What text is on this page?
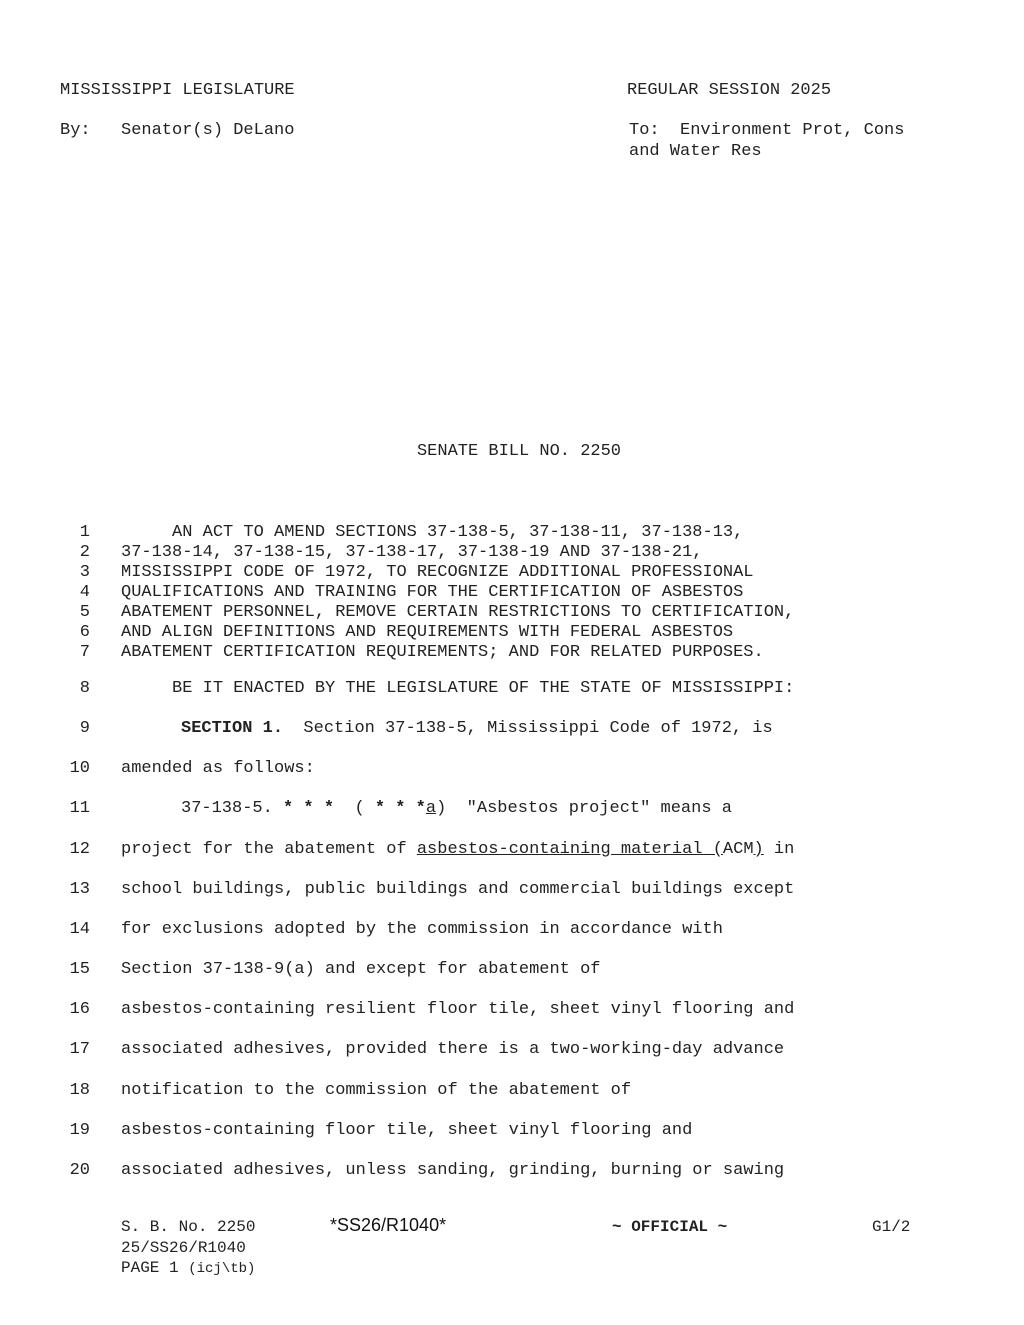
MISSISSIPPI LEGISLATURE	REGULAR SESSION 2025
By: Senator(s) DeLano	To:  Environment Prot, Cons
and Water Res
SENATE BILL NO. 2250
1 AN ACT TO AMEND SECTIONS 37-138-5, 37-138-11, 37-138-13,
2 37-138-14, 37-138-15, 37-138-17, 37-138-19 AND 37-138-21,
3 MISSISSIPPI CODE OF 1972, TO RECOGNIZE ADDITIONAL PROFESSIONAL
4 QUALIFICATIONS AND TRAINING FOR THE CERTIFICATION OF ASBESTOS
5 ABATEMENT PERSONNEL, REMOVE CERTAIN RESTRICTIONS TO CERTIFICATION,
6 AND ALIGN DEFINITIONS AND REQUIREMENTS WITH FEDERAL ASBESTOS
7 ABATEMENT CERTIFICATION REQUIREMENTS; AND FOR RELATED PURPOSES.
8 BE IT ENACTED BY THE LEGISLATURE OF THE STATE OF MISSISSIPPI:
9	SECTION 1.  Section 37-138-5, Mississippi Code of 1972, is
10 amended as follows:
11	37-138-5. * * *  ( * * *a)  "Asbestos project" means a
12 project for the abatement of asbestos-containing material (ACM) in
13 school buildings, public buildings and commercial buildings except
14 for exclusions adopted by the commission in accordance with
15 Section 37-138-9(a) and except for abatement of
16 asbestos-containing resilient floor tile, sheet vinyl flooring and
17 associated adhesives, provided there is a two-working-day advance
18 notification to the commission of the abatement of
19 asbestos-containing floor tile, sheet vinyl flooring and
20 associated adhesives, unless sanding, grinding, burning or sawing
S. B. No. 2250	*SS26/R1040*	~ OFFICIAL ~	G1/2
25/SS26/R1040
PAGE 1 (icj\tb)
